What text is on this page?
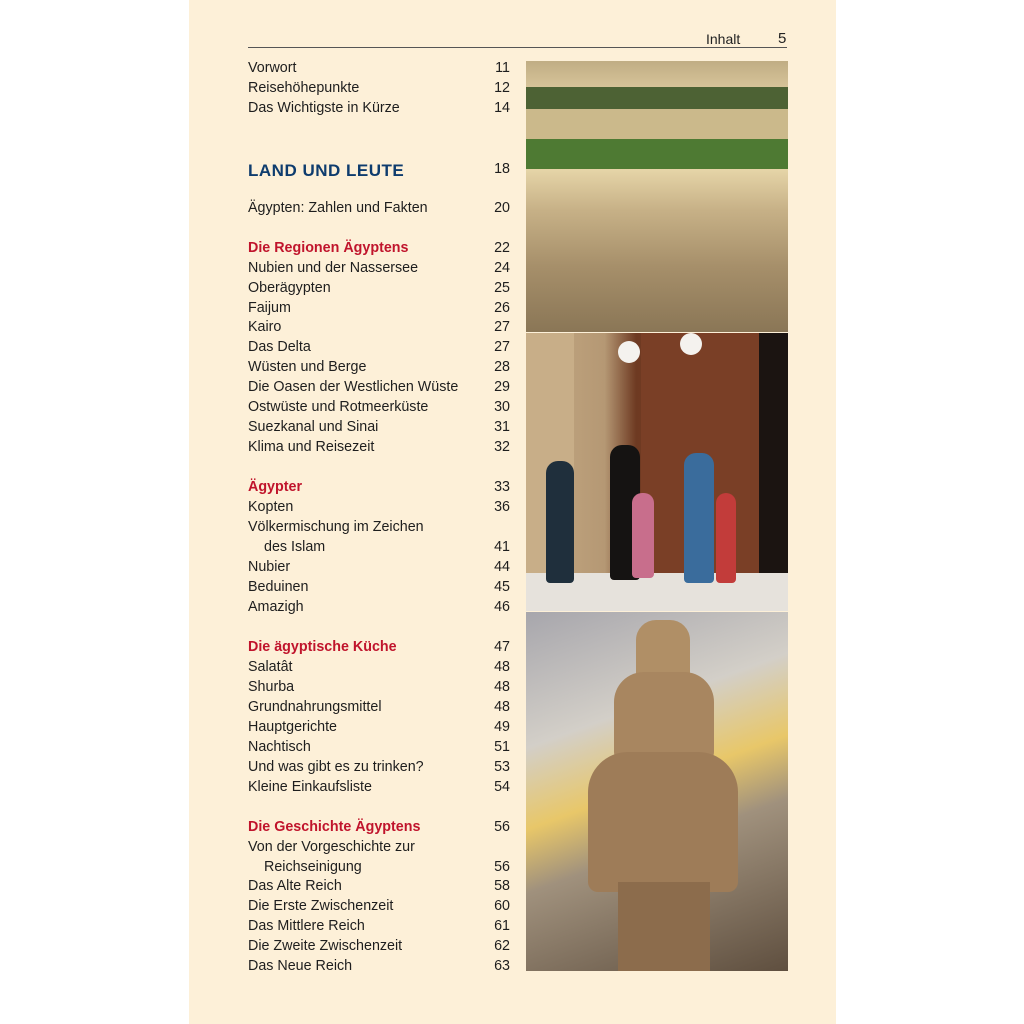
Inhalt	5
Vorwort	11
Reisehöhepunkte	12
Das Wichtigste in Kürze	14
LAND UND LEUTE	18
Ägypten: Zahlen und Fakten	20
Die Regionen Ägyptens	22
Nubien und der Nassersee	24
Oberägypten	25
Faijum	26
Kairo	27
Das Delta	27
Wüsten und Berge	28
Die Oasen der Westlichen Wüste	29
Ostwüste und Rotmeerküste	30
Suezkanal und Sinai	31
Klima und Reisezeit	32
Ägypter	33
Kopten	36
Völkermischung im Zeichen
des Islam	41
Nubier	44
Beduinen	45
Amazigh	46
Die ägyptische Küche	47
Salatât	48
Shurba	48
Grundnahrungsmittel	48
Hauptgerichte	49
Nachtisch	51
Und was gibt es zu trinken?	53
Kleine Einkaufsliste	54
Die Geschichte Ägyptens	56
Von der Vorgeschichte zur
Reichseinigung	56
Das Alte Reich	58
Die Erste Zwischenzeit	60
Das Mittlere Reich	61
Die Zweite Zwischenzeit	62
Das Neue Reich	63
